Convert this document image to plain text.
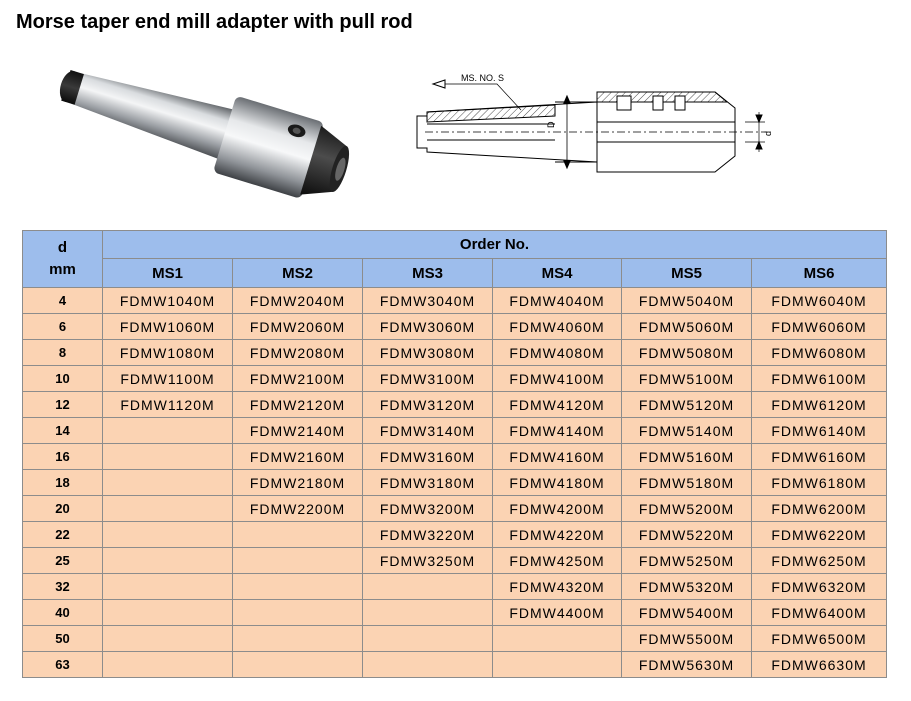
Morse taper end mill adapter with pull rod
MS. NO. S
D
d
d
mm	Order No.					
	MS1	MS2	MS3	MS4	MS5	MS6
4	FDMW1040M	FDMW2040M	FDMW3040M	FDMW4040M	FDMW5040M	FDMW6040M
6	FDMW1060M	FDMW2060M	FDMW3060M	FDMW4060M	FDMW5060M	FDMW6060M
8	FDMW1080M	FDMW2080M	FDMW3080M	FDMW4080M	FDMW5080M	FDMW6080M
10	FDMW1100M	FDMW2100M	FDMW3100M	FDMW4100M	FDMW5100M	FDMW6100M
12	FDMW1120M	FDMW2120M	FDMW3120M	FDMW4120M	FDMW5120M	FDMW6120M
14		FDMW2140M	FDMW3140M	FDMW4140M	FDMW5140M	FDMW6140M
16		FDMW2160M	FDMW3160M	FDMW4160M	FDMW5160M	FDMW6160M
18		FDMW2180M	FDMW3180M	FDMW4180M	FDMW5180M	FDMW6180M
20		FDMW2200M	FDMW3200M	FDMW4200M	FDMW5200M	FDMW6200M
22			FDMW3220M	FDMW4220M	FDMW5220M	FDMW6220M
25			FDMW3250M	FDMW4250M	FDMW5250M	FDMW6250M
32				FDMW4320M	FDMW5320M	FDMW6320M
40				FDMW4400M	FDMW5400M	FDMW6400M
50					FDMW5500M	FDMW6500M
63					FDMW5630M	FDMW6630M
